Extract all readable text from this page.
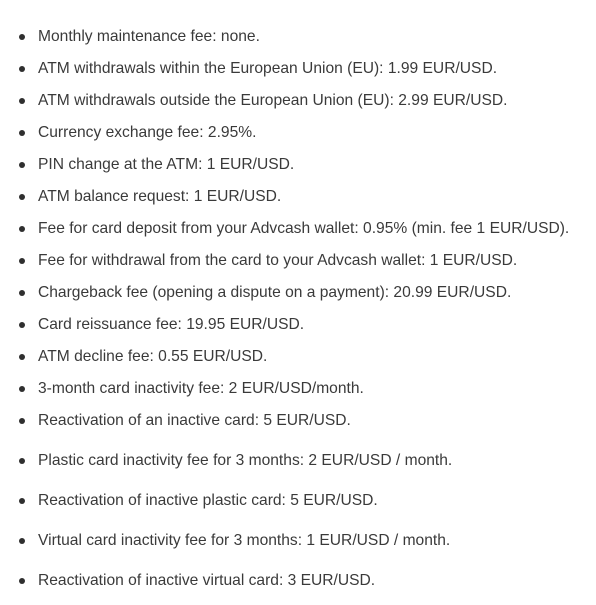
Monthly maintenance fee: none.
ATM withdrawals within the European Union (EU): 1.99 EUR/USD.
ATM withdrawals outside the European Union (EU): 2.99 EUR/USD.
Currency exchange fee: 2.95%.
PIN change at the ATM: 1 EUR/USD.
ATM balance request: 1 EUR/USD.
Fee for card deposit from your Advcash wallet: 0.95% (min. fee 1 EUR/USD).
Fee for withdrawal from the card to your Advcash wallet: 1 EUR/USD.
Chargeback fee (opening a dispute on a payment): 20.99 EUR/USD.
Card reissuance fee: 19.95 EUR/USD.
ATM decline fee: 0.55 EUR/USD.
3-month card inactivity fee: 2 EUR/USD/month.
Reactivation of an inactive card: 5 EUR/USD.
Plastic card inactivity fee for 3 months: 2 EUR/USD / month.
Reactivation of inactive plastic card: 5 EUR/USD.
Virtual card inactivity fee for 3 months: 1 EUR/USD / month.
Reactivation of inactive virtual card: 3 EUR/USD.
